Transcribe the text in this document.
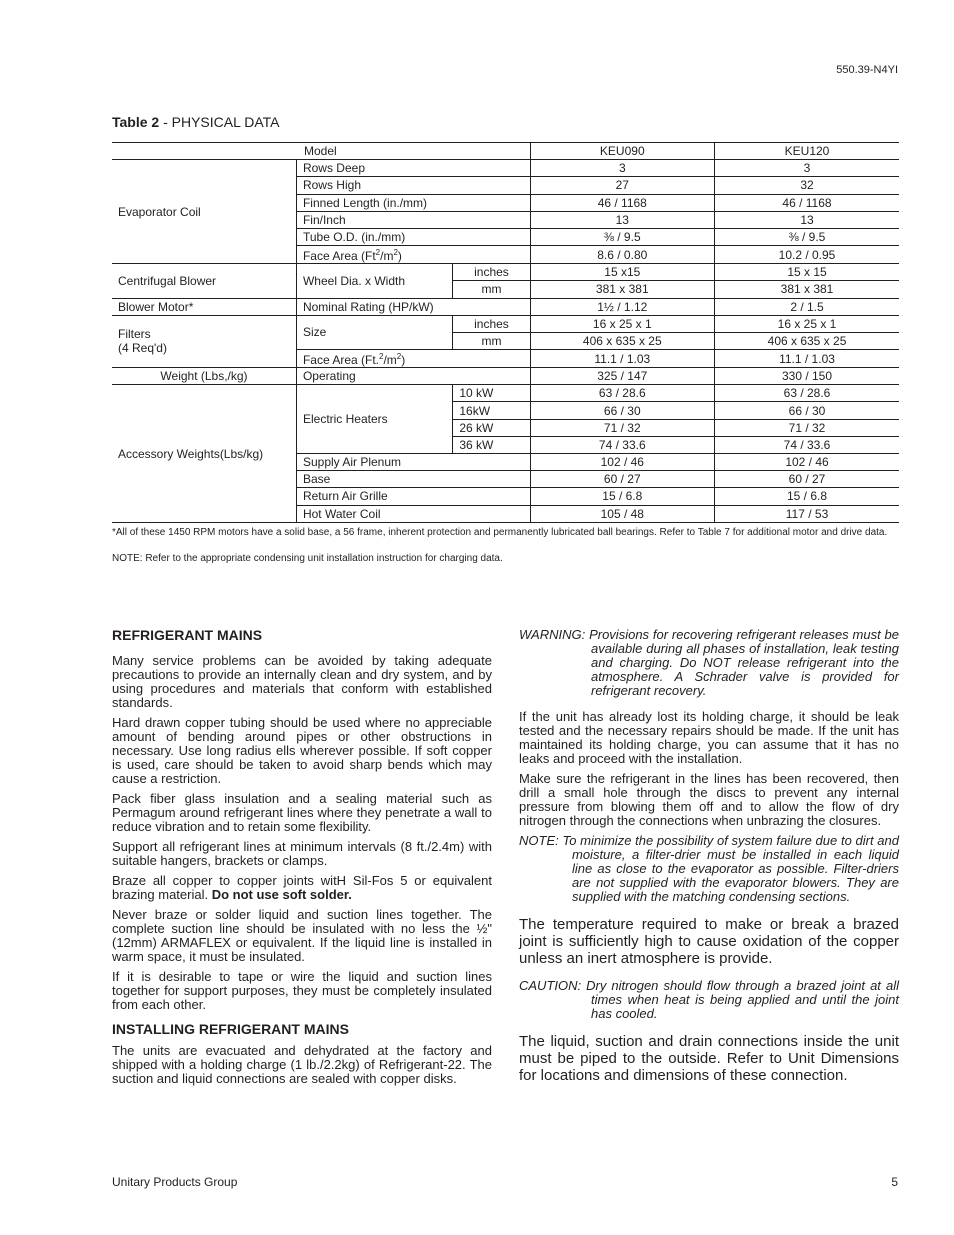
550.39-N4YI
Table 2 - PHYSICAL DATA
Model			KEU090	KEU120
Evaporator Coil	Rows Deep		3	3
	Rows High		27	32
	Finned Length (in./mm)		46 / 1168	46 / 1168
	Fin/Inch		13	13
	Tube O.D. (in./mm)		⅜ / 9.5	⅜ / 9.5
	Face Area $(Ft^2/m^2)$		8.6 / 0.80	10.2 / 0.95
Centrifugal Blower	Wheel Dia. x Width	inches	15 x15	15 x 15
		mm	381 x 381	381 x 381
Blower Motor*	Nominal Rating (HP/kW)		1½ / 1.12	2 / 1.5
Filters
(4 Req'd)	Size	inches	16 x 25 x 1	16 x 25 x 1
		mm	406 x 635 x 25	406 x 635 x 25
	Face Area $(Ft.^2/m^2)$		11.1 / 1.03	11.1 / 1.03
Weight (Lbs,/kg)	Operating		325 / 147	330 / 150
Accessory Weights(Lbs/kg)	Electric Heaters	10 kW	63 / 28.6	63 / 28.6
		16kW	66 / 30	66 / 30
		26 kW	71 / 32	71 / 32
		36 kW	74 / 33.6	74 / 33.6
	Supply Air Plenum		102 / 46	102 / 46
	Base		60 / 27	60 / 27
	Return Air Grille		15 / 6.8	15 / 6.8
	Hot Water Coil		105 / 48	117 / 53
*All of these 1450 RPM motors have a solid base, a 56 frame, inherent protection and permanently lubricated ball bearings. Refer to Table 7 for additional motor and drive data.
NOTE: Refer to the appropriate condensing unit installation instruction for charging data.
REFRIGERANT MAINS

Many service problems can be avoided by taking adequate precautions to provide an internally clean and dry system, and by using procedures and materials that conform with established standards.

Hard drawn copper tubing should be used where no appreciable amount of bending around pipes or other obstructions in necessary. Use long radius ells wherever possible. If soft copper is used, care should be taken to avoid sharp bends which may cause a restriction.

Pack fiber glass insulation and a sealing material such as Permagum around refrigerant lines where they penetrate a wall to reduce vibration and to retain some flexibility.

Support all refrigerant lines at minimum intervals (8 ft./2.4m) with suitable hangers, brackets or clamps.

Braze all copper to copper joints witH Sil-Fos 5 or equivalent brazing material. Do not use soft solder.

Never braze or solder liquid and suction lines together. The complete suction line should be insulated with no less the ½" (12mm) ARMAFLEX or equivalent. If the liquid line is installed in warm space, it must be insulated.

If it is desirable to tape or wire the liquid and suction lines together for support purposes, they must be completely insulated from each other.

INSTALLING REFRIGERANT MAINS

The units are evacuated and dehydrated at the factory and shipped with a holding charge (1 lb./2.2kg) of Refrigerant-22. The suction and liquid connections are sealed with copper disks.

WARNING: Provisions for recovering refrigerant releases must be available during all phases of installation, leak testing and charging. Do NOT release refrigerant into the atmosphere. A Schrader valve is provided for refrigerant recovery.

If the unit has already lost its holding charge, it should be leak tested and the necessary repairs should be made. If the unit has maintained its holding charge, you can assume that it has no leaks and proceed with the installation.

Make sure the refrigerant in the lines has been recovered, then drill a small hole through the discs to prevent any internal pressure from blowing them off and to allow the flow of dry nitrogen through the connections when unbrazing the closures.

NOTE: To minimize the possibility of system failure due to dirt and moisture, a filter-drier must be installed in each liquid line as close to the evaporator as possible. Filter-driers are not supplied with the evaporator blowers. They are supplied with the matching condensing sections.

The temperature required to make or break a brazed joint is sufficiently high to cause oxidation of the copper unless an inert atmosphere is provide.

CAUTION: Dry nitrogen should flow through a brazed joint at all times when heat is being applied and until the joint has cooled.

The liquid, suction and drain connections inside the unit must be piped to the outside. Refer to Unit Dimensions for locations and dimensions of these connection.

Unitary Products Group	5
